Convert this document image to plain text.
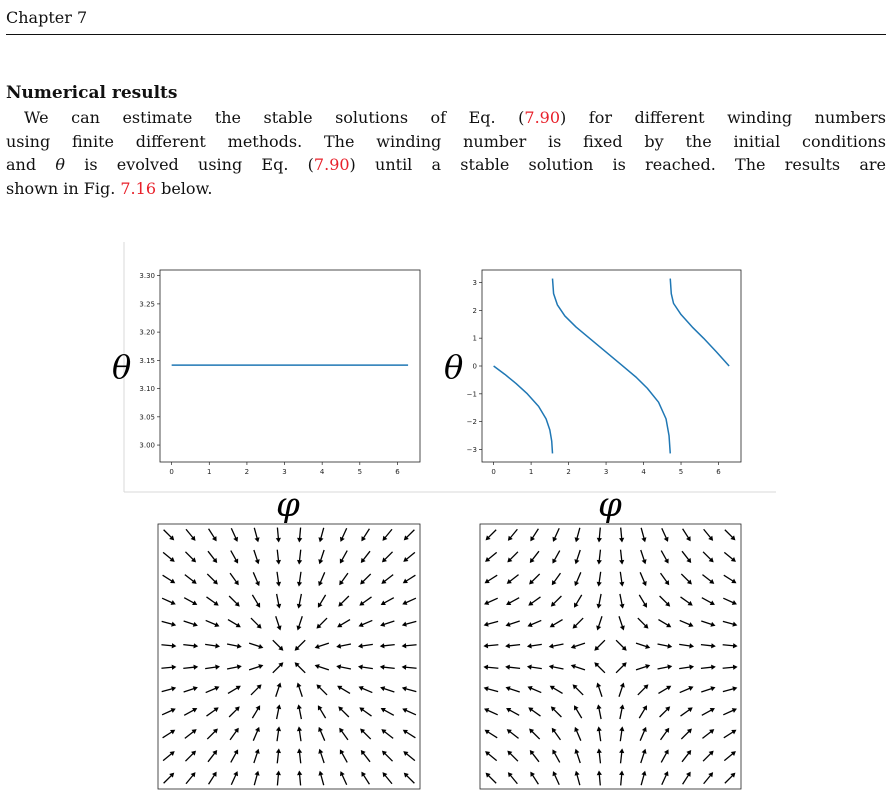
Chapter 7
Numerical results
We can estimate the stable solutions of Eq. (7.90) for different winding numbers
using finite different methods. The winding number is fixed by the initial conditions
and θ is evolved using Eq. (7.90) until a stable solution is reached. The results are
shown in Fig. 7.16 below.
0	1	2	3	4	5	6
3.00
3.05
3.10
3.15
3.20
3.25
3.30
0	1	2	3	4	5	6
−3
−2
−1
0
1
2
3
θ	θ
φ	φ
